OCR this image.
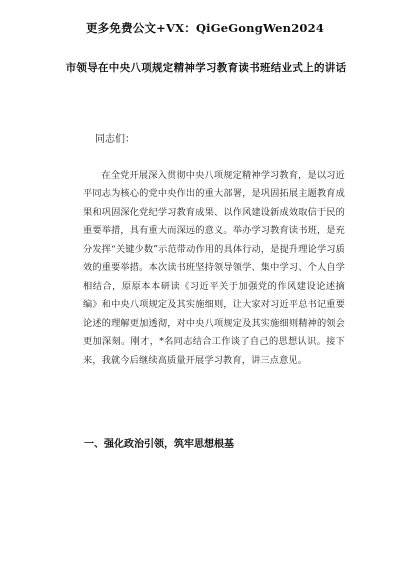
更多免费公文+VX：QiGeGongWen2024
市领导在中央八项规定精神学习教育读书班结业式上的讲话
同志们：
在全党开展深入贯彻中央八项规定精神学习教育，是以习近平同志为核心的党中央作出的重大部署，是巩固拓展主题教育成果和巩固深化党纪学习教育成果、以作风建设新成效取信于民的重要举措，具有重大而深远的意义。举办学习教育读书班，是充分发挥“关键少数”示范带动作用的具体行动，是提升理论学习质效的重要举措。本次读书班坚持领导领学、集中学习、个人自学相结合，原原本本研读《习近平关于加强党的作风建设论述摘编》和中央八项规定及其实施细则，让大家对习近平总书记重要论述的理解更加透彻，对中央八项规定及其实施细则精神的领会更加深刻。刚才，*名同志结合工作谈了自己的思想认识。接下来，我就今后继续高质量开展学习教育，讲三点意见。
一、强化政治引领，筑牢思想根基
